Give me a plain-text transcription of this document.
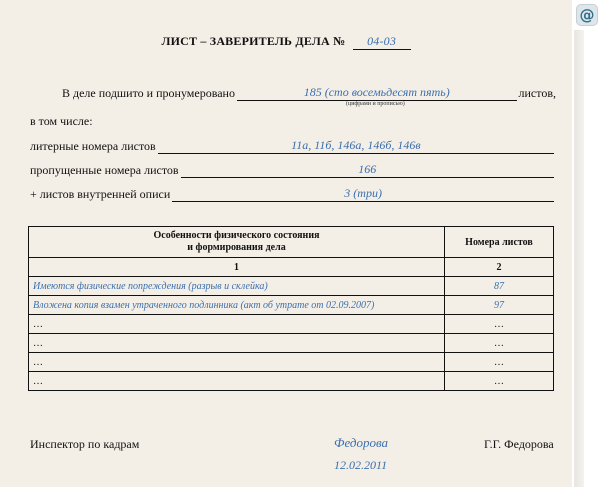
ЛИСТ – ЗАВЕРИТЕЛЬ ДЕЛА № 04-03
В деле подшито и пронумеровано	185 (сто восемьдесят пять)	листов,
(цифрами и прописью)
в том числе:
литерные номера листов	11а, 11б, 146а, 146б, 146в
пропущенные номера листов	166
+ листов внутренней описи	3 (три)
Особенности физического состояния
и формирования дела	Номера листов
1	2
Имеются физические попреждения (разрыв и склейка)	87
Вложена копия взамен утраченного подлинника (акт об утрате от 02.09.2007)	97
…	…
…	…
…	…
…	…
Инспектор по кадрам	Федорова	Г.Г. Федорова
12.02.2011
@
